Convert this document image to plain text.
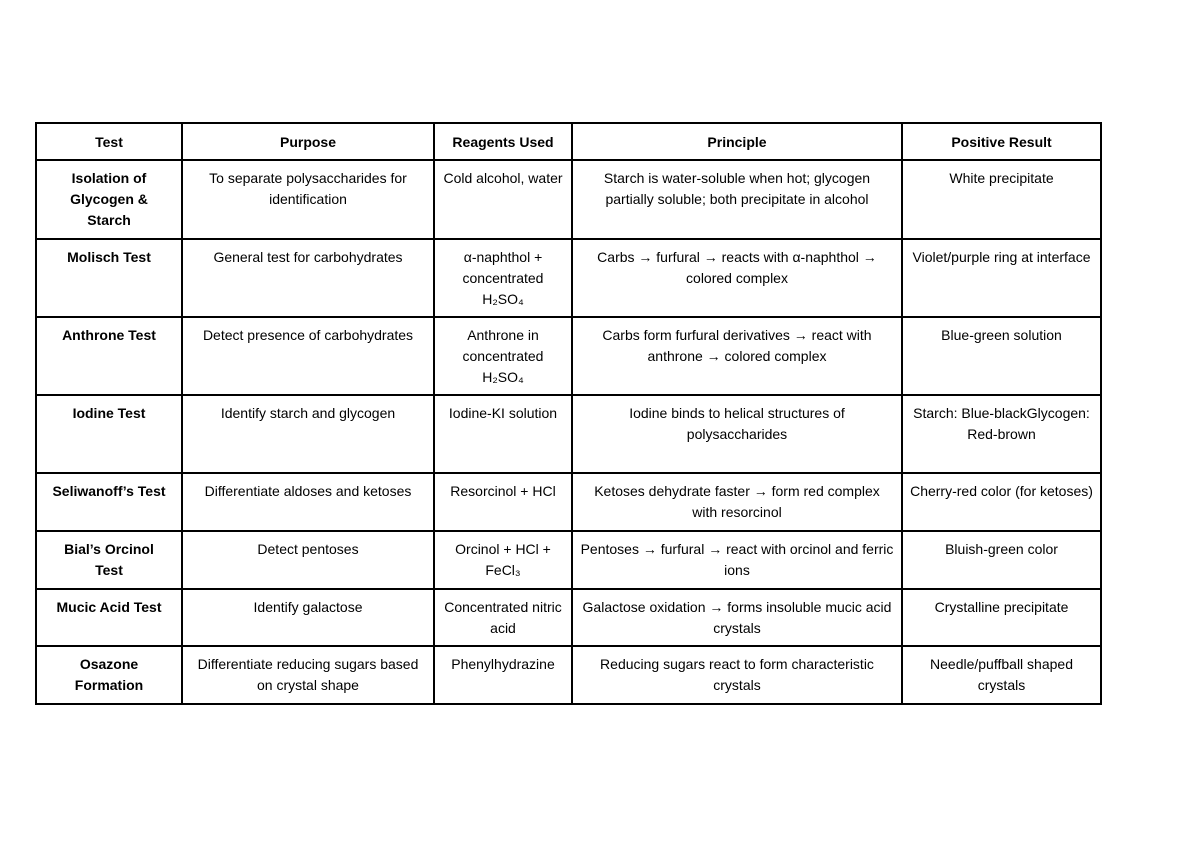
Test	Purpose	Reagents Used	Principle	Positive Result
Isolation of Glycogen & Starch	To separate polysaccharides for identification	Cold alcohol, water	Starch is water-soluble when hot; glycogen partially soluble; both precipitate in alcohol	White precipitate
Molisch Test	General test for carbohydrates	α-naphthol + concentrated H₂SO₄	Carbs → furfural → reacts with α-naphthol → colored complex	Violet/purple ring at interface
Anthrone Test	Detect presence of carbohydrates	Anthrone in concentrated H₂SO₄	Carbs form furfural derivatives → react with anthrone → colored complex	Blue-green solution
Iodine Test	Identify starch and glycogen	Iodine-KI solution	Iodine binds to helical structures of polysaccharides	Starch: Blue-blackGlycogen: Red-brown
Seliwanoff’s Test	Differentiate aldoses and ketoses	Resorcinol + HCl	Ketoses dehydrate faster → form red complex with resorcinol	Cherry-red color (for ketoses)
Bial’s Orcinol Test	Detect pentoses	Orcinol + HCl + FeCl₃	Pentoses → furfural → react with orcinol and ferric ions	Bluish-green color
Mucic Acid Test	Identify galactose	Concentrated nitric acid	Galactose oxidation → forms insoluble mucic acid crystals	Crystalline precipitate
Osazone Formation	Differentiate reducing sugars based on crystal shape	Phenylhydrazine	Reducing sugars react to form characteristic crystals	Needle/puffball shaped crystals
